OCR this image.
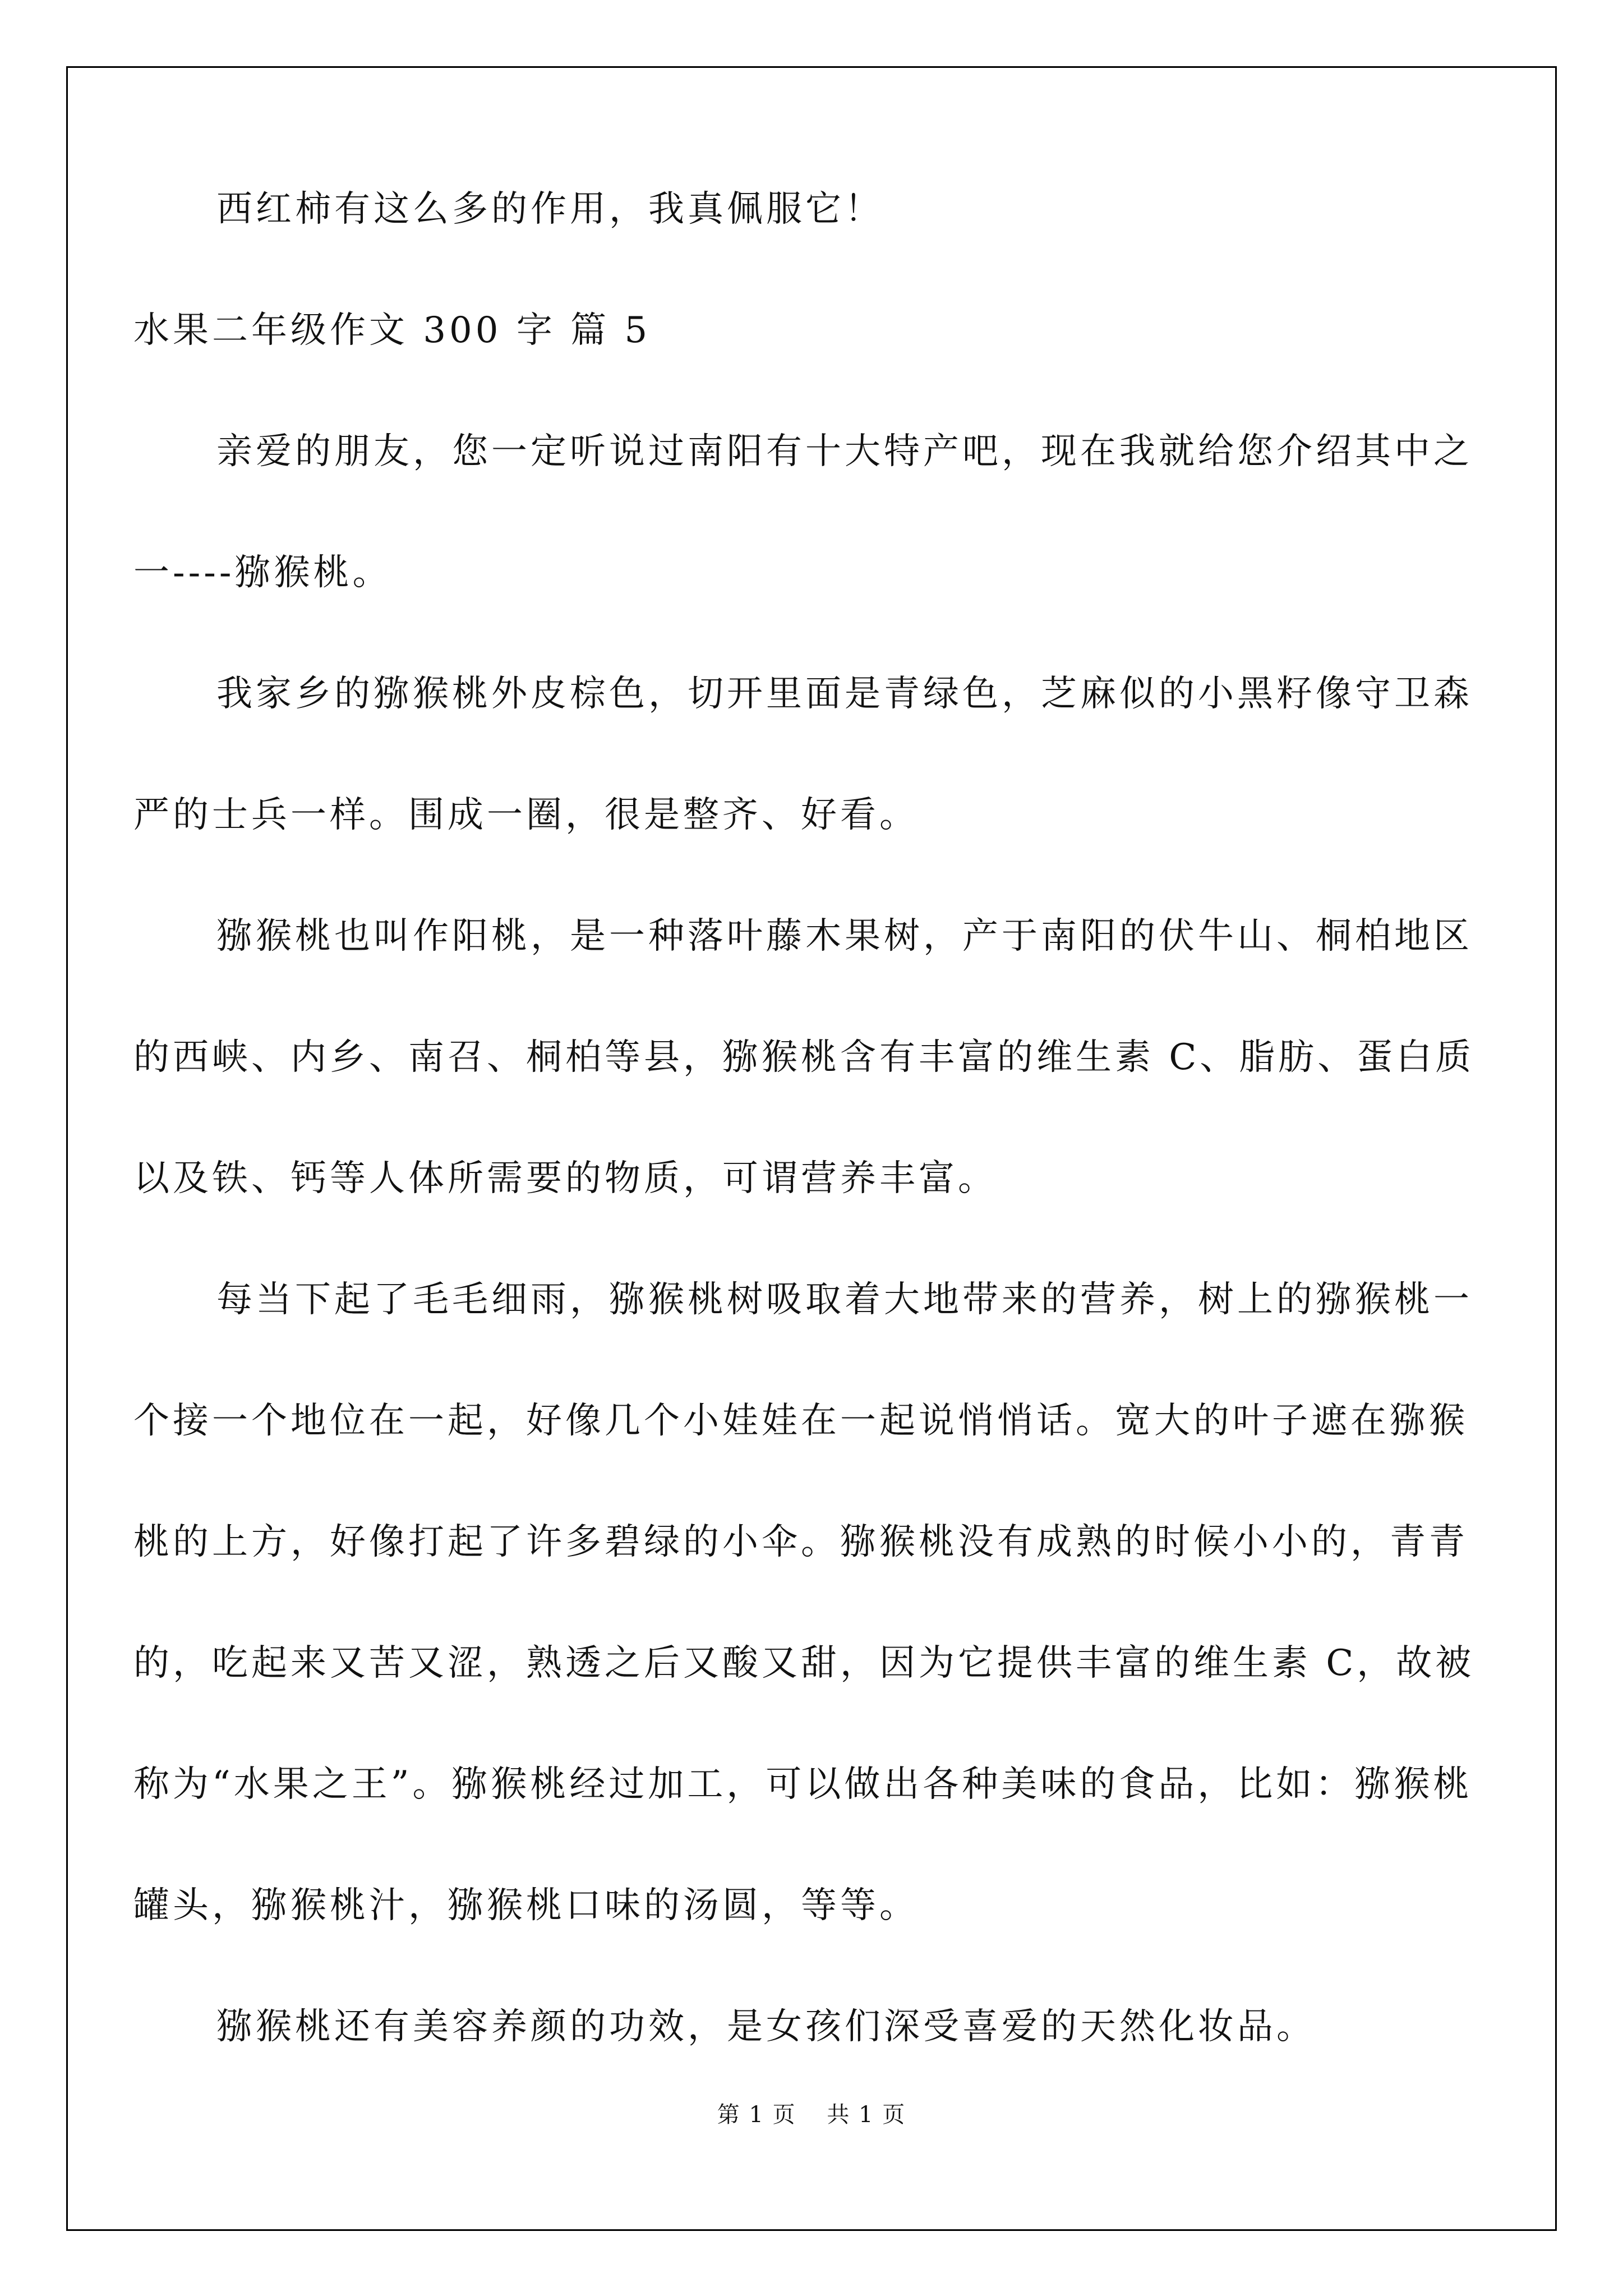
西红柿有这么多的作用，我真佩服它！

水果二年级作文 300 字 篇 5

亲爱的朋友，您一定听说过南阳有十大特产吧，现在我就给您介绍其中之一----猕猴桃。

我家乡的猕猴桃外皮棕色，切开里面是青绿色，芝麻似的小黑籽像守卫森严的士兵一样。围成一圈，很是整齐、好看。

猕猴桃也叫作阳桃，是一种落叶藤木果树，产于南阳的伏牛山、桐柏地区的西峡、内乡、南召、桐柏等县，猕猴桃含有丰富的维生素 C、脂肪、蛋白质以及铁、钙等人体所需要的物质，可谓营养丰富。

每当下起了毛毛细雨，猕猴桃树吸取着大地带来的营养，树上的猕猴桃一个接一个地位在一起，好像几个小娃娃在一起说悄悄话。宽大的叶子遮在猕猴桃的上方，好像打起了许多碧绿的小伞。猕猴桃没有成熟的时候小小的，青青的，吃起来又苦又涩，熟透之后又酸又甜，因为它提供丰富的维生素 C，故被称为“水果之王”。猕猴桃经过加工，可以做出各种美味的食品，比如：猕猴桃罐头，猕猴桃汁，猕猴桃口味的汤圆，等等。

猕猴桃还有美容养颜的功效，是女孩们深受喜爱的天然化妆品。

第 1 页 共 1 页
